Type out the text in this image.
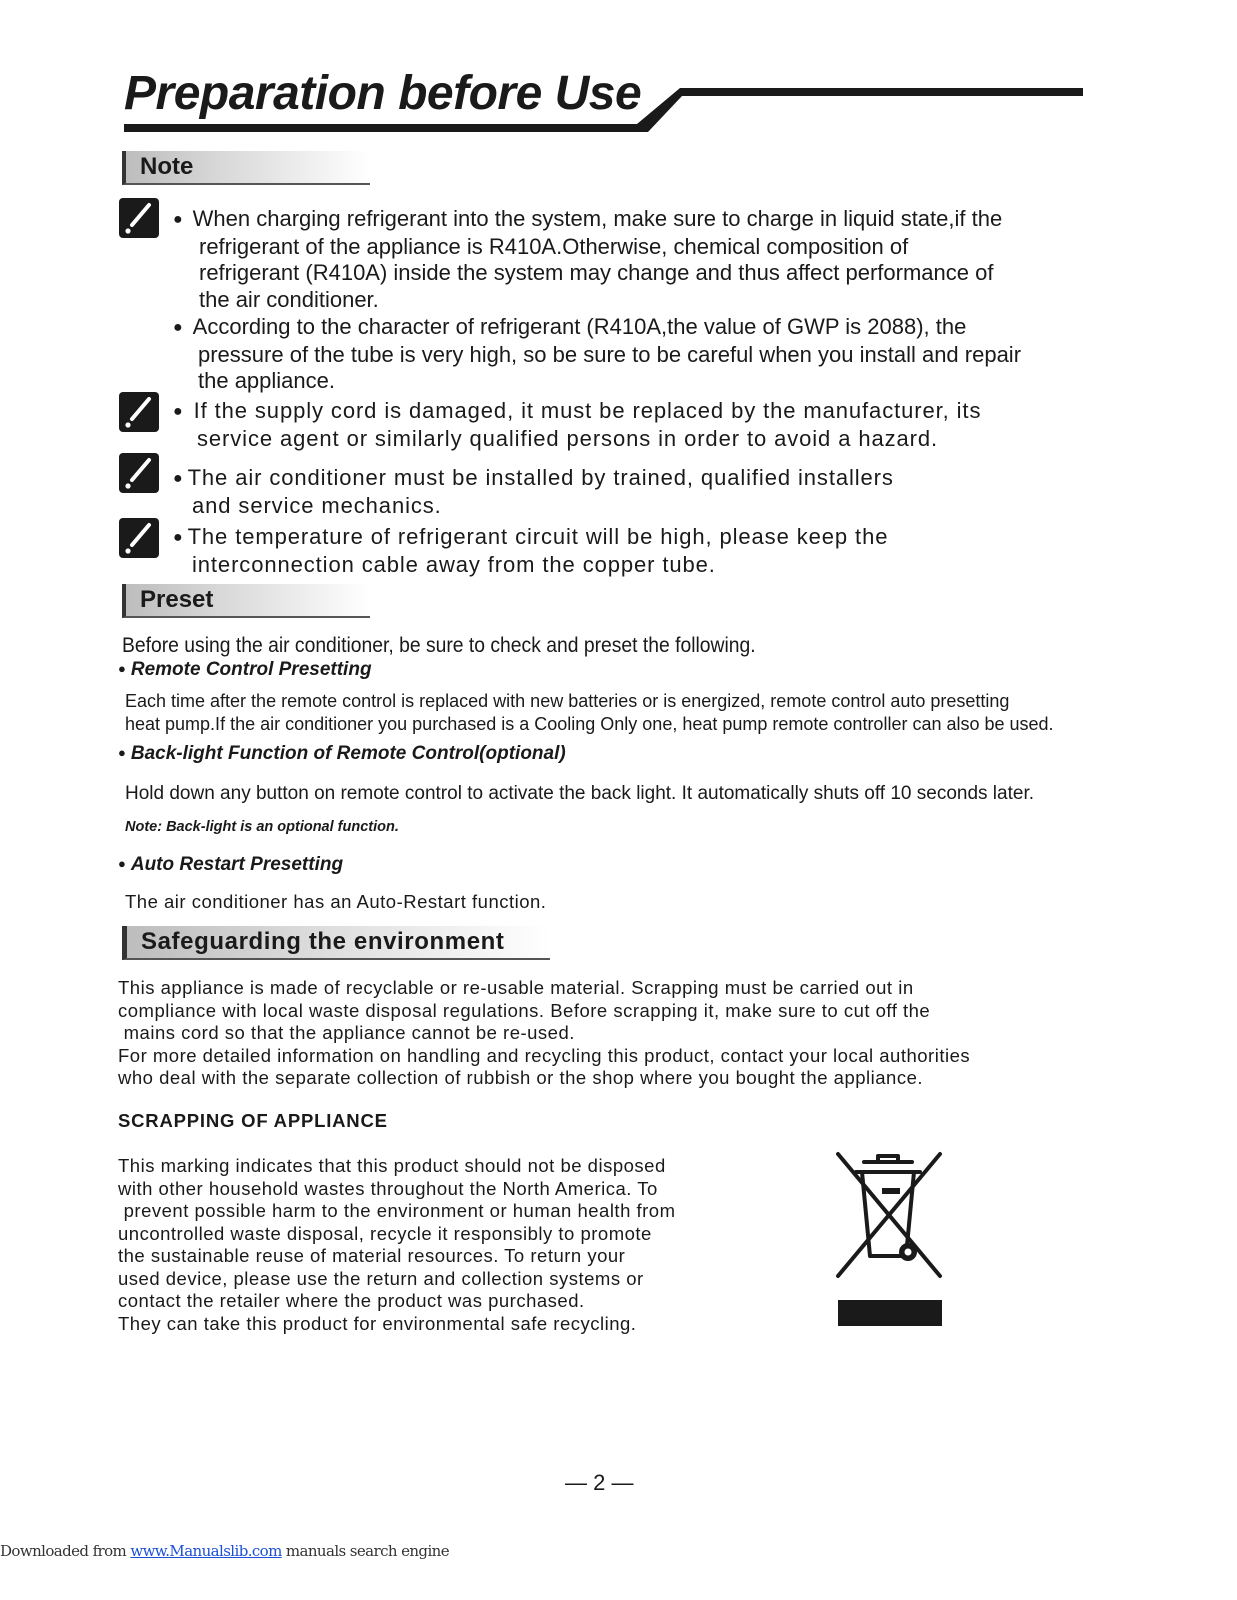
Preparation before Use
Note
● When charging refrigerant into the system, make sure to charge in liquid state,if the
refrigerant of the appliance is R410A.Otherwise, chemical composition of
refrigerant (R410A) inside the system may change and thus affect performance of
the air conditioner.
● According to the character of refrigerant (R410A,the value of GWP is 2088), the
pressure of the tube is very high, so be sure to be careful when you install and repair
the appliance.
● If the supply cord is damaged, it must be replaced by the manufacturer, its
service agent or similarly qualified persons in order to avoid a hazard.
● The air conditioner must be installed by trained, qualified installers
and service mechanics.
● The temperature of refrigerant circuit will be high, please keep the
interconnection cable away from the copper tube.
Preset
Before using the air conditioner, be sure to check and preset the following.
● Remote Control Presetting
Each time after the remote control is replaced with new batteries or is energized, remote control auto presetting
heat pump.If the air conditioner you purchased is a Cooling Only one, heat pump remote controller can also be used.
● Back-light Function of Remote Control(optional)
Hold down any button on remote control to activate the back light. It automatically shuts off 10 seconds later.
Note: Back-light is an optional function.
● Auto Restart Presetting
The air conditioner has an Auto-Restart function.
Safeguarding the environment
This appliance is made of recyclable or re-usable material. Scrapping must be carried out in
compliance with local waste disposal regulations. Before scrapping it, make sure to cut off the
mains cord so that the appliance cannot be re-used.
For more detailed information on handling and recycling this product, contact your local authorities
who deal with the separate collection of rubbish or the shop where you bought the appliance.
SCRAPPING OF APPLIANCE
This marking indicates that this product should not be disposed
with other household wastes throughout the North America. To
prevent possible harm to the environment or human health from
uncontrolled waste disposal, recycle it responsibly to promote
the sustainable reuse of material resources. To return your
used device, please use the return and collection systems or
contact the retailer where the product was purchased.
They can take this product for environmental safe recycling.
— 2 —
Downloaded from www.Manualslib.com manuals search engine
